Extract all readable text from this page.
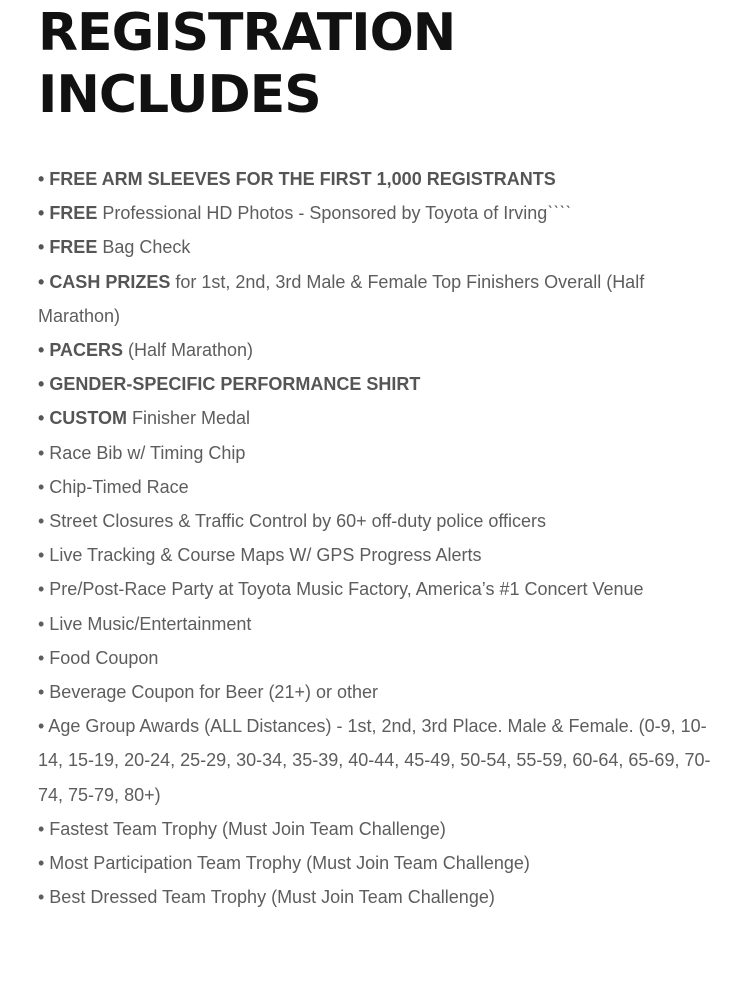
REGISTRATION
INCLUDES
• FREE ARM SLEEVES FOR THE FIRST 1,000 REGISTRANTS
• FREE Professional HD Photos - Sponsored by Toyota of Irvingˋˋˋˋ
• FREE Bag Check
• CASH PRIZES for 1st, 2nd, 3rd Male & Female Top Finishers Overall (Half Marathon)
• PACERS (Half Marathon)
• GENDER-SPECIFIC PERFORMANCE SHIRT
• CUSTOM Finisher Medal
• Race Bib w/ Timing Chip
• Chip-Timed Race
• Street Closures & Traffic Control by 60+ off-duty police officers
• Live Tracking & Course Maps W/ GPS Progress Alerts
• Pre/Post-Race Party at Toyota Music Factory, America’s #1 Concert Venue
• Live Music/Entertainment
• Food Coupon
• Beverage Coupon for Beer (21+) or other
• Age Group Awards (ALL Distances) - 1st, 2nd, 3rd Place. Male & Female. (0-9, 10-14, 15-19, 20-24, 25-29, 30-34, 35-39, 40-44, 45-49, 50-54, 55-59, 60-64, 65-69, 70-74, 75-79, 80+)
• Fastest Team Trophy (Must Join Team Challenge)
• Most Participation Team Trophy (Must Join Team Challenge)
• Best Dressed Team Trophy (Must Join Team Challenge)
